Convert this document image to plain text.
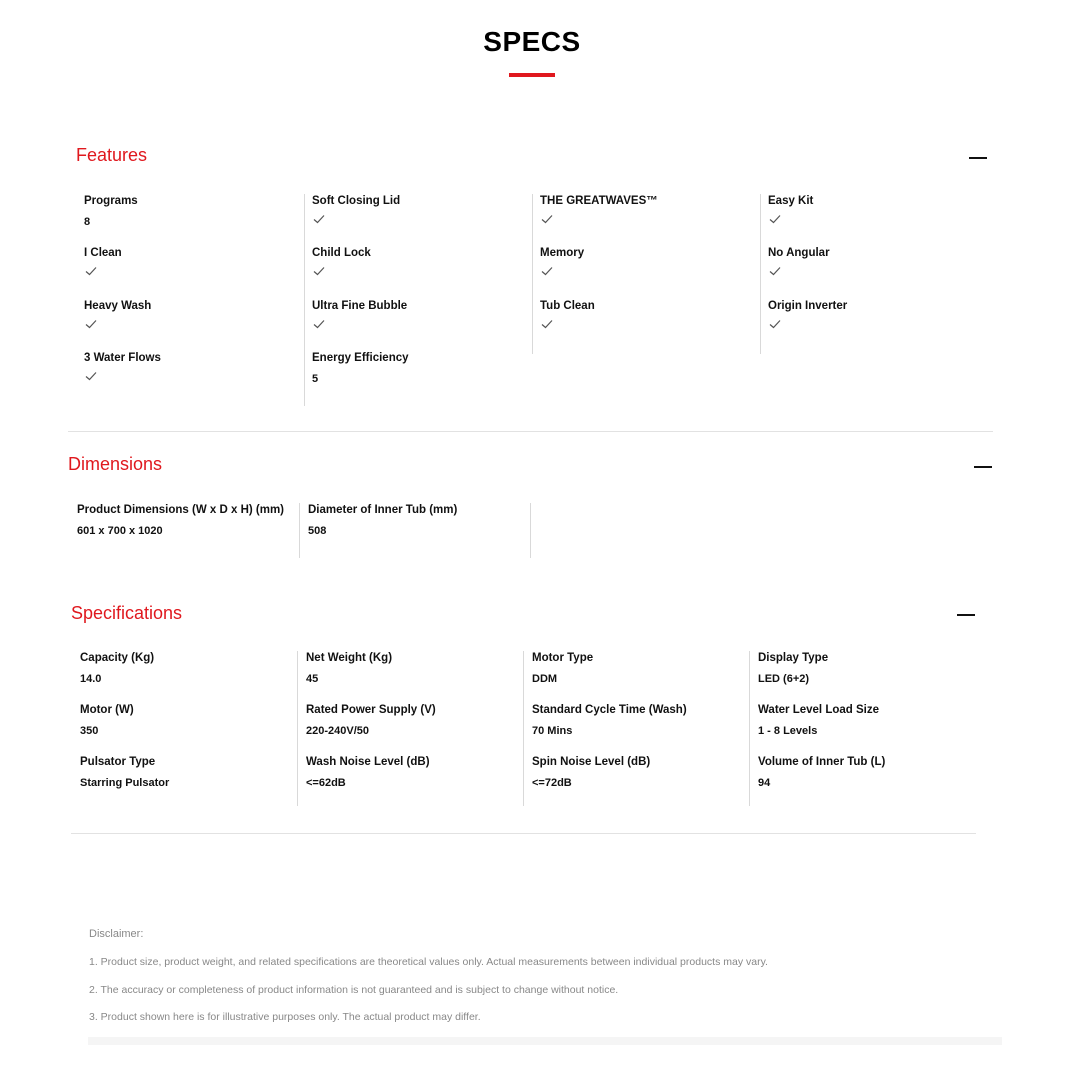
SPECS
Features
Programs
8
I Clean
Heavy Wash
3 Water Flows
Soft Closing Lid
Child Lock
Ultra Fine Bubble
Energy Efficiency
5
THE GREATWAVES™
Memory
Tub Clean
Easy Kit
No Angular
Origin Inverter
Dimensions
Product Dimensions (W x D x H) (mm)
601 x 700 x 1020
Diameter of Inner Tub (mm)
508
Specifications
Capacity (Kg)
14.0
Motor (W)
350
Pulsator Type
Starring Pulsator
Net Weight (Kg)
45
Rated Power Supply (V)
220-240V/50
Wash Noise Level (dB)
<=62dB
Motor Type
DDM
Standard Cycle Time (Wash)
70 Mins
Spin Noise Level (dB)
<=72dB
Display Type
LED (6+2)
Water Level Load Size
1 - 8 Levels
Volume of Inner Tub (L)
94
Disclaimer:
1. Product size, product weight, and related specifications are theoretical values only. Actual measurements between individual products may vary.
2. The accuracy or completeness of product information is not guaranteed and is subject to change without notice.
3. Product shown here is for illustrative purposes only. The actual product may differ.
